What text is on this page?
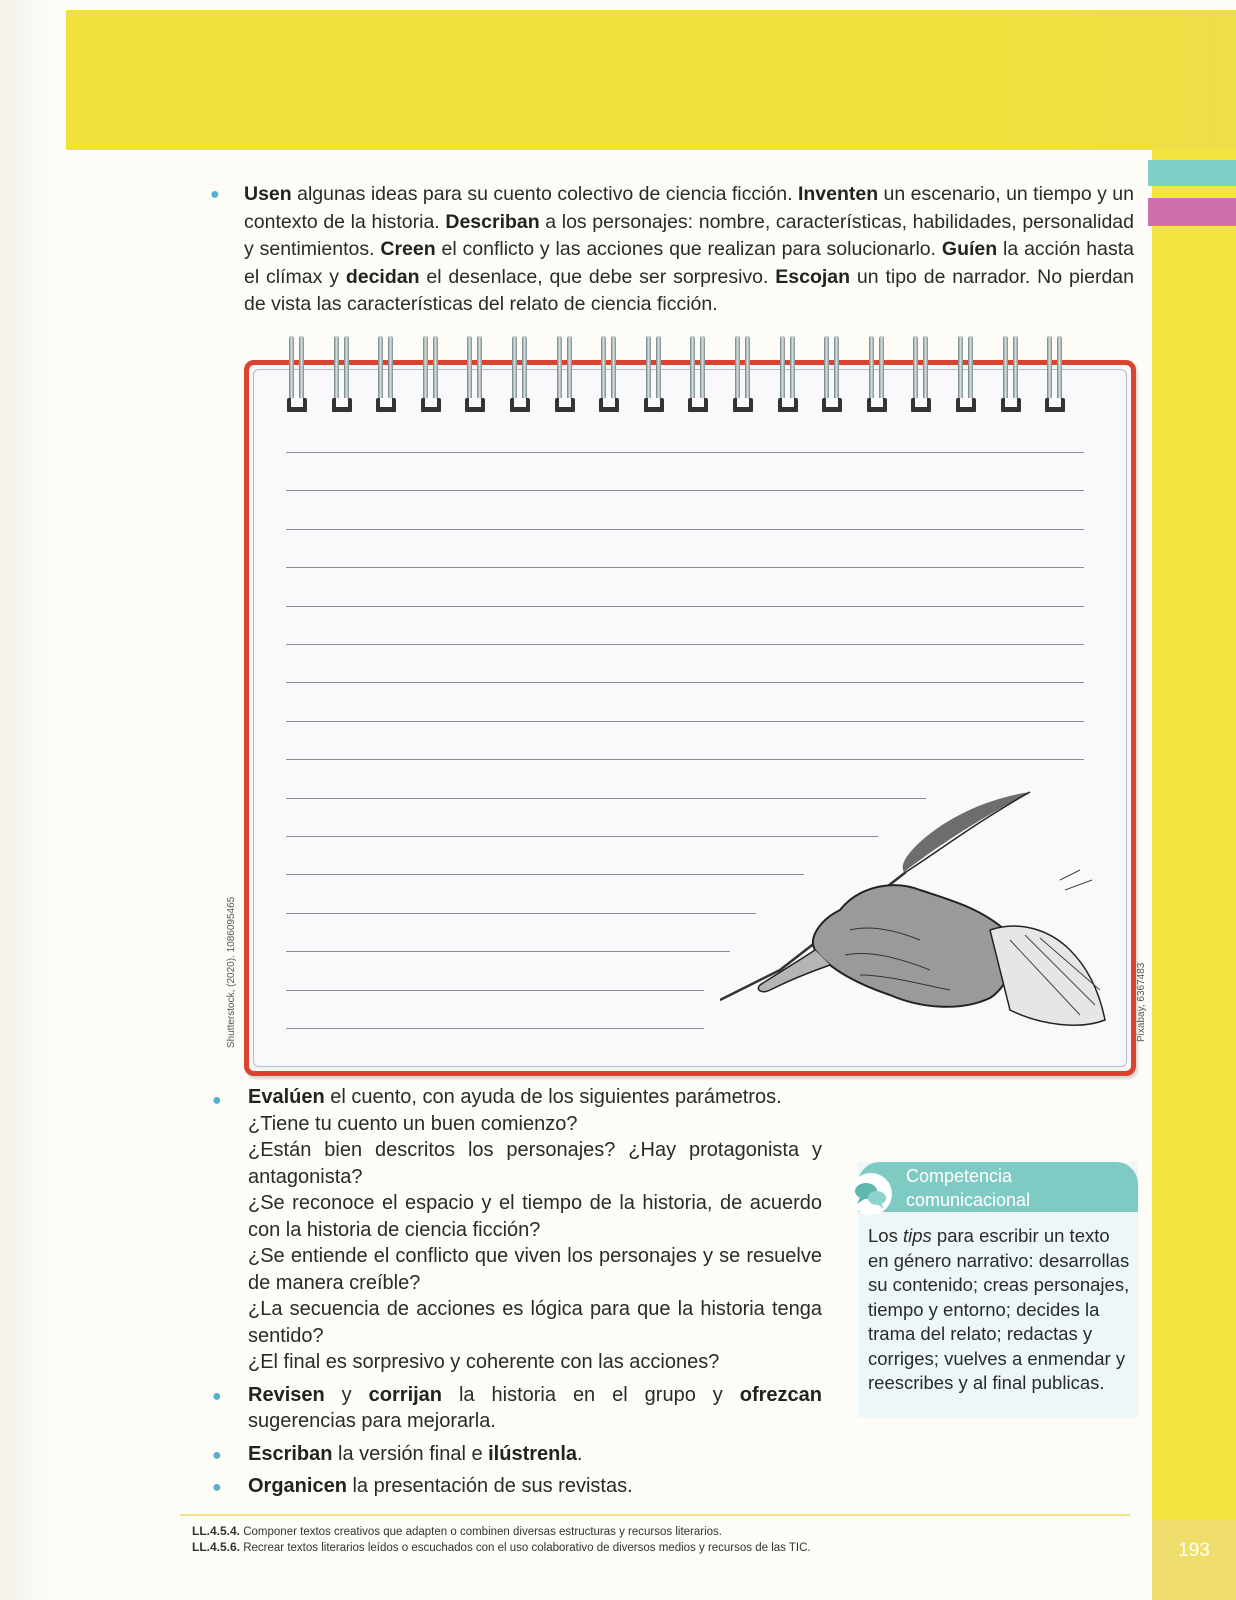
● Usen algunas ideas para su cuento colectivo de ciencia ficción. Inventen un escenario, un tiempo y un contexto de la historia. Describan a los personajes: nombre, características, habilidades, personalidad y sentimientos. Creen el conflicto y las acciones que realizan para solucionarlo. Guíen la acción hasta el clímax y decidan el desenlace, que debe ser sorpresivo. Escojan un tipo de narrador. No pierdan de vista las características del relato de ciencia ficción.
Shutterstock, (2020). 1086095465	Pixabay, 6367483
● Evalúen el cuento, con ayuda de los siguientes parámetros.
¿Tiene tu cuento un buen comienzo?
¿Están bien descritos los personajes? ¿Hay protagonista y antagonista?
¿Se reconoce el espacio y el tiempo de la historia, de acuerdo con la historia de ciencia ficción?
¿Se entiende el conflicto que viven los personajes y se resuelve de manera creíble?
¿La secuencia de acciones es lógica para que la historia tenga sentido?
¿El final es sorpresivo y coherente con las acciones?
● Revisen y corrijan la historia en el grupo y ofrezcan sugerencias para mejorarla.
● Escriban la versión final e ilústrenla.
● Organicen la presentación de sus revistas.
Competencia
comunicacional
Los tips para escribir un texto en género narrativo: desarrollas su contenido; creas personajes, tiempo y entorno; decides la trama del relato; redactas y corriges; vuelves a enmendar y reescribes y al final publicas.
LL.4.5.4. Componer textos creativos que adapten o combinen diversas estructuras y recursos literarios.
LL.4.5.6. Recrear textos literarios leídos o escuchados con el uso colaborativo de diversos medios y recursos de las TIC.	193
